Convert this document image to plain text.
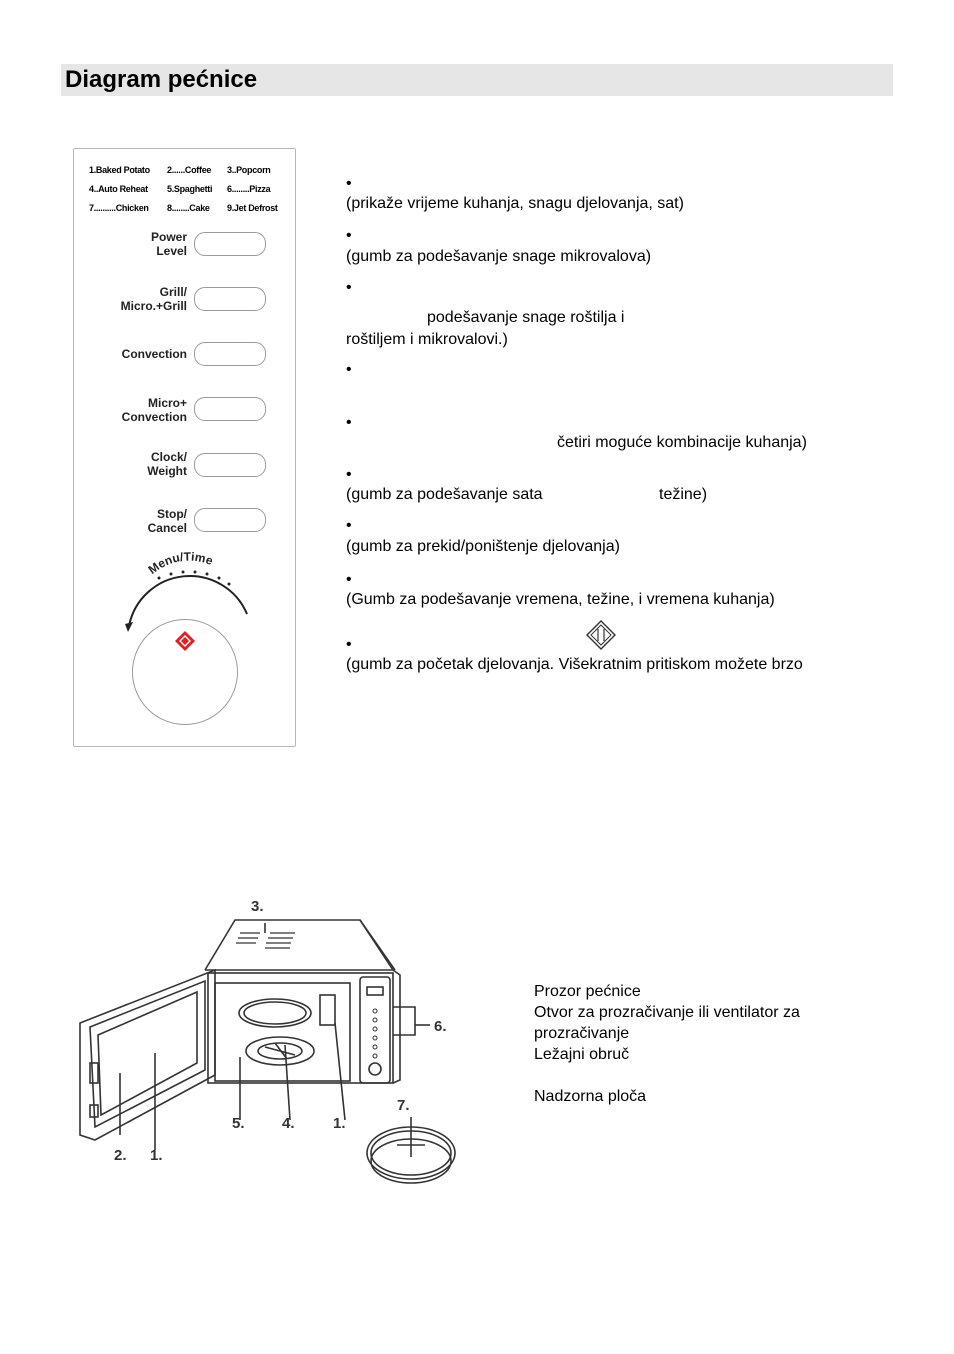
Diagram pećnice
1.Baked Potato 2......Coffee 3..Popcorn
4..Auto Reheat 5.Spaghetti 6........Pizza
7..........Chicken 8........Cake 9.Jet Defrost
Power
Level
Grill/
Micro.+Grill
Convection
Micro+
Convection
Clock/
Weight
Stop/
Cancel
Menu/Time
•
(prikaže vrijeme kuhanja, snagu djelovanja, sat)
•
(gumb za podešavanje snage mikrovalova)
•
podešavanje snage roštilja i
roštiljem i mikrovalovi.)
•
•
četiri moguće kombinacije kuhanja)
•
(gumb za podešavanje sata	težine)
•
(gumb za prekid/poništenje djelovanja)
•
(Gumb za podešavanje vremena, težine, i vremena kuhanja)
•
(gumb za početak djelovanja. Višekratnim pritiskom možete brzo
3.
6.
1.
2.
5. 4.
1.
7.
Prozor pećnice
Otvor za prozračivanje ili ventilator za
prozračivanje
Ležajni obruč
Nadzorna ploča
